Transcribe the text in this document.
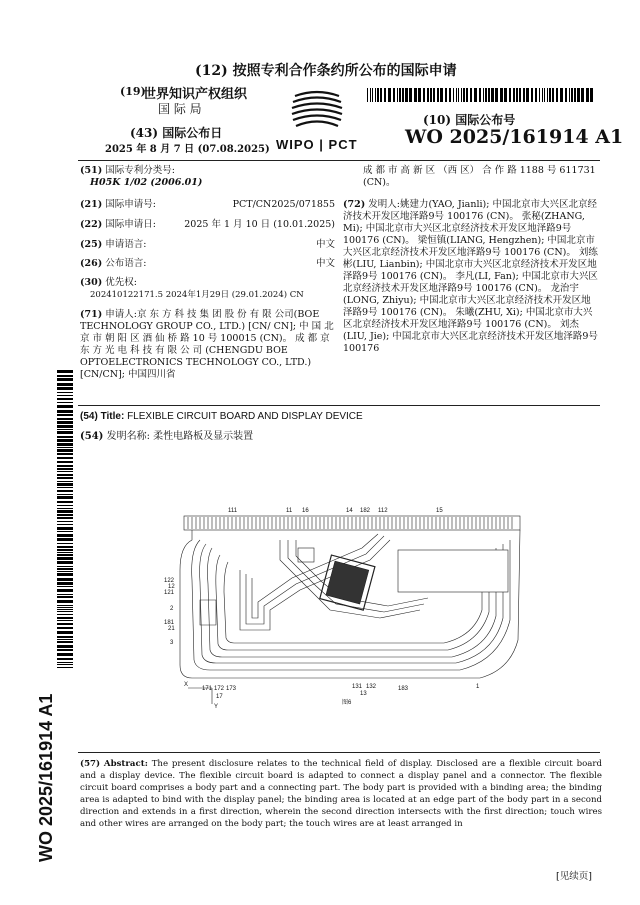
(12) 按照专利合作条约所公布的国际申请
(19)
世界知识产权组织
国 际 局
(43) 国际公布日
2025 年 8 月 7 日 (07.08.2025) WIPO | PCT
(10) 国际公布号
WO 2025/161914 A1
(51) 国际专利分类号:
H05K 1/02 (2006.01)
(21) 国际申请号:	PCT/CN2025/071855
(22) 国际申请日:	2025 年 1 月 10 日 (10.01.2025)
(25) 申请语言:	中文
(26) 公布语言:	中文
(30) 优先权:
202410122171.5 2024年1月29日 (29.01.2024) CN
(71) 申请人:京 东 方 科 技 集 团 股 份 有 限 公司(BOE TECHNOLOGY GROUP CO., LTD.) [CN/ CN]; 中 国 北 京 市 朝 阳 区 酒 仙 桥 路 10 号 100015 (CN)。 成 都 京 东 方 光 电 科 技 有 限 公 司 (CHENGDU BOE OPTOELECTRONICS TECHNOLOGY CO., LTD.) [CN/CN]; 中国四川省
成 都 市 高 新 区 （西 区） 合 作 路 1188 号 611731 (CN)。
(72) 发明人:姚建力(YAO, Jianli); 中国北京市大兴区北京经济技术开发区地泽路9号 100176 (CN)。 张秘(ZHANG, Mi); 中国北京市大兴区北京经济技术开发区地泽路9号 100176 (CN)。 梁恒镇(LIANG, Hengzhen); 中国北京市大兴区北京经济技术开发区地泽路9号 100176 (CN)。 刘练彬(LIU, Lianbin); 中国北京市大兴区北京经济技术开发区地泽路9号 100176 (CN)。 李凡(LI, Fan); 中国北京市大兴区北京经济技术开发区地泽路9号 100176 (CN)。 龙治宇(LONG, Zhiyu); 中国北京市大兴区北京经济技术开发区地泽路9号 100176 (CN)。 朱曦(ZHU, Xi); 中国北京市大兴区北京经济技术开发区地泽路9号 100176 (CN)。 刘杰(LIU, Jie); 中国北京市大兴区北京经济技术开发区地泽路9号 100176
WO 2025/161914 A1
(54) Title: FLEXIBLE CIRCUIT BOARD AND DISPLAY DEVICE
(54) 发明名称: 柔性电路板及显示装置
111	11 16	14 182 112	15
122
12
121
2
181
21
3
171 172 173
17
131 132
13
183	1
X
Y
图6
(57) Abstract: The present disclosure relates to the technical field of display. Disclosed are a flexible circuit board and a display device. The flexible circuit board is adapted to connect a display panel and a connector. The flexible circuit board comprises a body part and a connecting part. The body part is provided with a binding area; the binding area is adapted to bind with the display panel; the binding area is located at an edge part of the body part in a second direction and extends in a first direction, wherein the second direction intersects with the first direction; touch wires and other wires are arranged on the body part; the touch wires are at least arranged in
[见续页]
